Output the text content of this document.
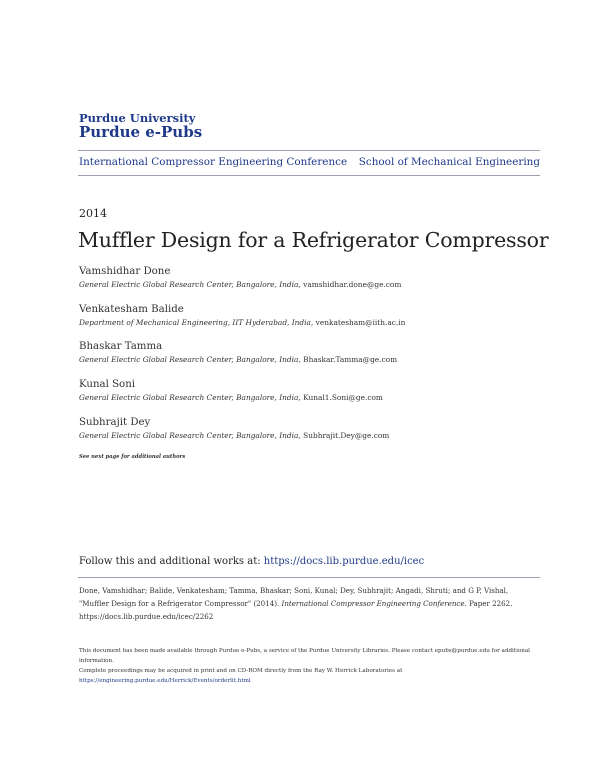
Purdue University
Purdue e-Pubs
International Compressor Engineering Conference School of Mechanical Engineering
2014
Muffler Design for a Refrigerator Compressor
Vamshidhar Done
General Electric Global Research Center, Bangalore, India, vamshidhar.done@ge.com
Venkatesham Balide
Department of Mechanical Engineering, IIT Hyderabad, India, venkatesham@iith.ac.in
Bhaskar Tamma
General Electric Global Research Center, Bangalore, India, Bhaskar.Tamma@ge.com
Kunal Soni
General Electric Global Research Center, Bangalore, India, Kunal1.Soni@ge.com
Subhrajit Dey
General Electric Global Research Center, Bangalore, India, Subhrajit.Dey@ge.com
See next page for additional authors
Follow this and additional works at: https://docs.lib.purdue.edu/icec
Done, Vamshidhar; Balide, Venkatesham; Tamma, Bhaskar; Soni, Kunal; Dey, Subhrajit; Angadi, Shruti; and G P, Vishal, "Muffler Design for a Refrigerator Compressor" (2014). International Compressor Engineering Conference. Paper 2262.
https://docs.lib.purdue.edu/icec/2262
This document has been made available through Purdue e-Pubs, a service of the Purdue University Libraries. Please contact epubs@purdue.edu for additional information.
Complete proceedings may be acquired in print and on CD-ROM directly from the Ray W. Herrick Laboratories at https://engineering.purdue.edu/Herrick/Events/orderlit.html
